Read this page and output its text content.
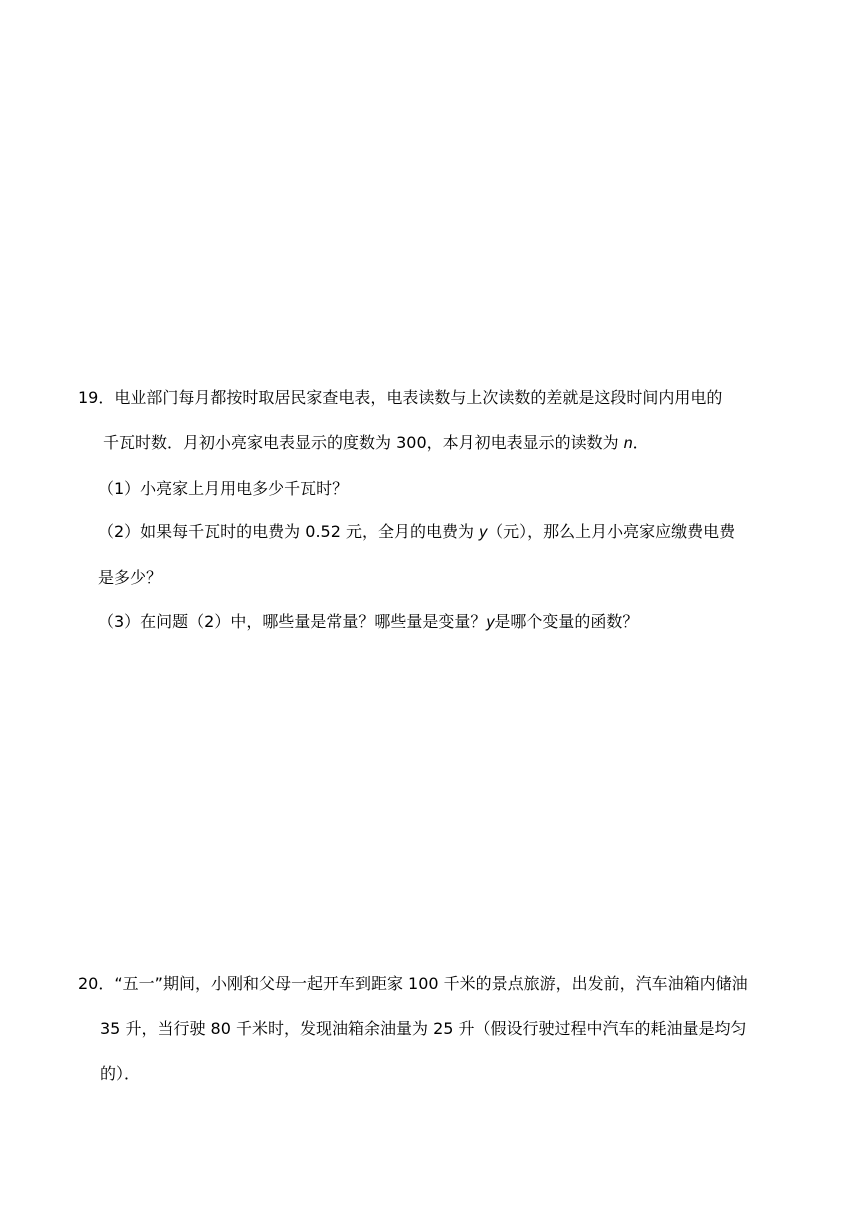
19．电业部门每月都按时取居民家查电表，电表读数与上次读数的差就是这段时间内用电的
千瓦时数．月初小亮家电表显示的度数为 300，本月初电表显示的读数为 n．
（1）小亮家上月用电多少千瓦时？
（2）如果每千瓦时的电费为 0.52 元，全月的电费为 y（元），那么上月小亮家应缴费电费
是多少？
（3）在问题（2）中，哪些量是常量？哪些量是变量？y是哪个变量的函数？
20．“五一”期间，小刚和父母一起开车到距家 100 千米的景点旅游，出发前，汽车油箱内储油
35 升，当行驶 80 千米时，发现油箱余油量为 25 升（假设行驶过程中汽车的耗油量是均匀
的）．
